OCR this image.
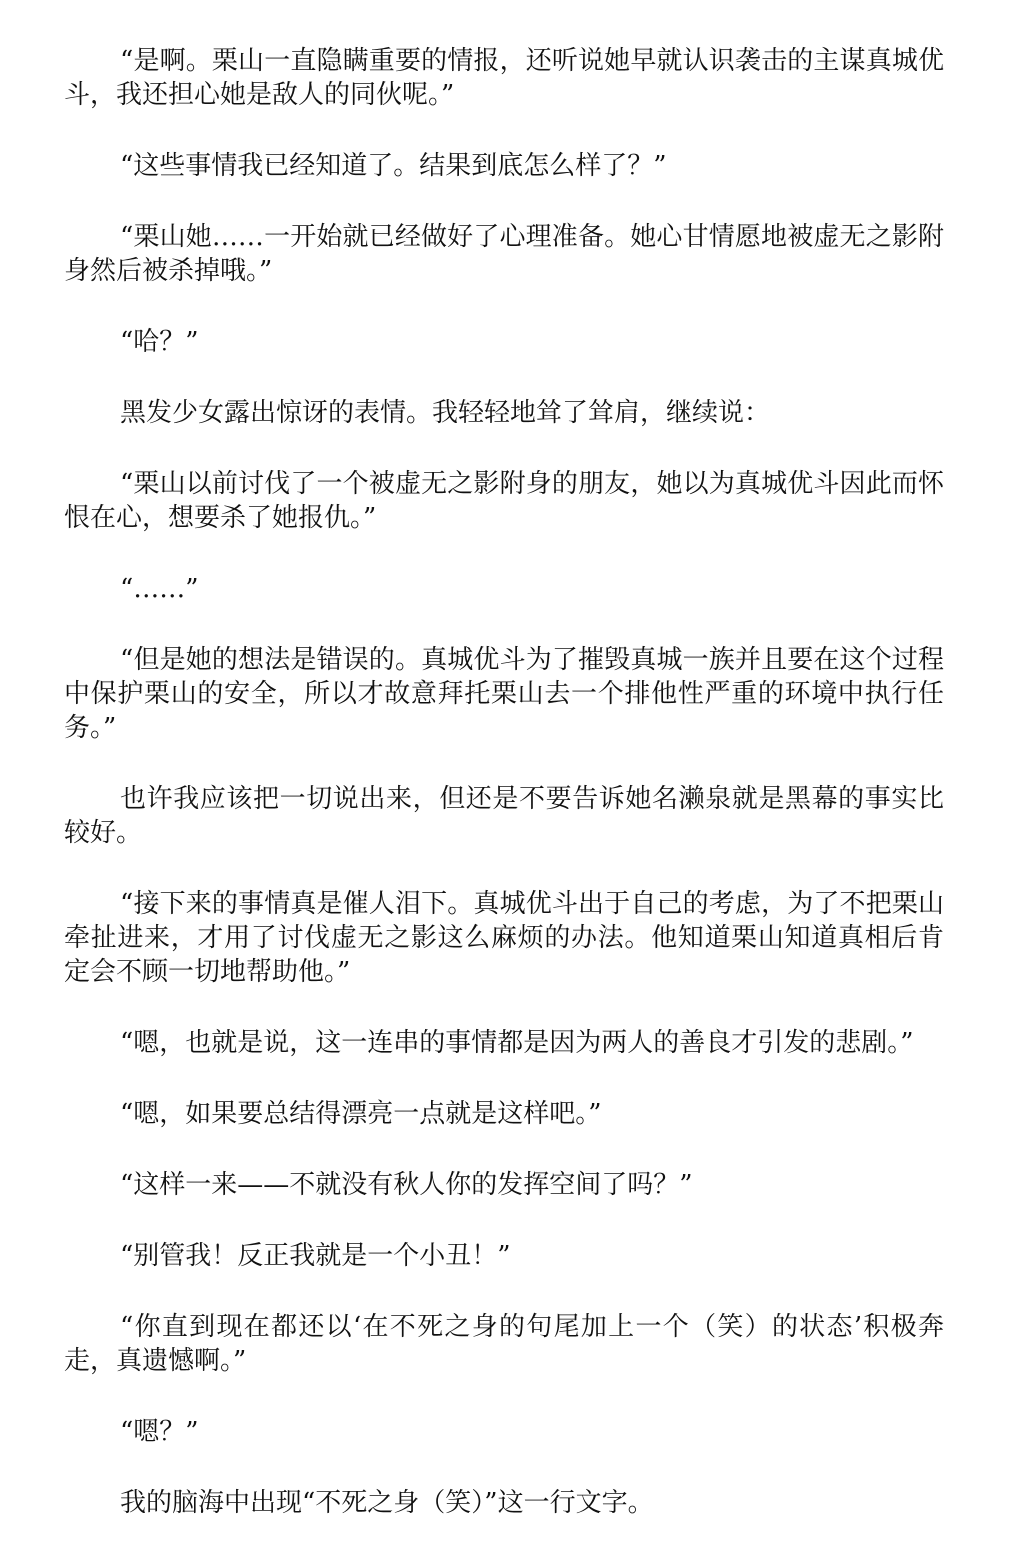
“是啊。栗山一直隐瞒重要的情报，还听说她早就认识袭击的主谋真城优斗，我还担心她是敌人的同伙呢。”

“这些事情我已经知道了。结果到底怎么样了？”

“栗山她……一开始就已经做好了心理准备。她心甘情愿地被虚无之影附身然后被杀掉哦。”

“哈？”

黑发少女露出惊讶的表情。我轻轻地耸了耸肩，继续说：

“栗山以前讨伐了一个被虚无之影附身的朋友，她以为真城优斗因此而怀恨在心，想要杀了她报仇。”

“……”

“但是她的想法是错误的。真城优斗为了摧毁真城一族并且要在这个过程中保护栗山的安全，所以才故意拜托栗山去一个排他性严重的环境中执行任务。”

也许我应该把一切说出来，但还是不要告诉她名濑泉就是黑幕的事实比较好。

“接下来的事情真是催人泪下。真城优斗出于自己的考虑，为了不把栗山牵扯进来，才用了讨伐虚无之影这么麻烦的办法。他知道栗山知道真相后肯定会不顾一切地帮助他。”

“嗯，也就是说，这一连串的事情都是因为两人的善良才引发的悲剧。”

“嗯，如果要总结得漂亮一点就是这样吧。”

“这样一来——不就没有秋人你的发挥空间了吗？”

“别管我！反正我就是一个小丑！”

“你直到现在都还以‘在不死之身的句尾加上一个（笑）的状态’积极奔走，真遗憾啊。”

“嗯？”

我的脑海中出现“不死之身（笑）”这一行文字。
